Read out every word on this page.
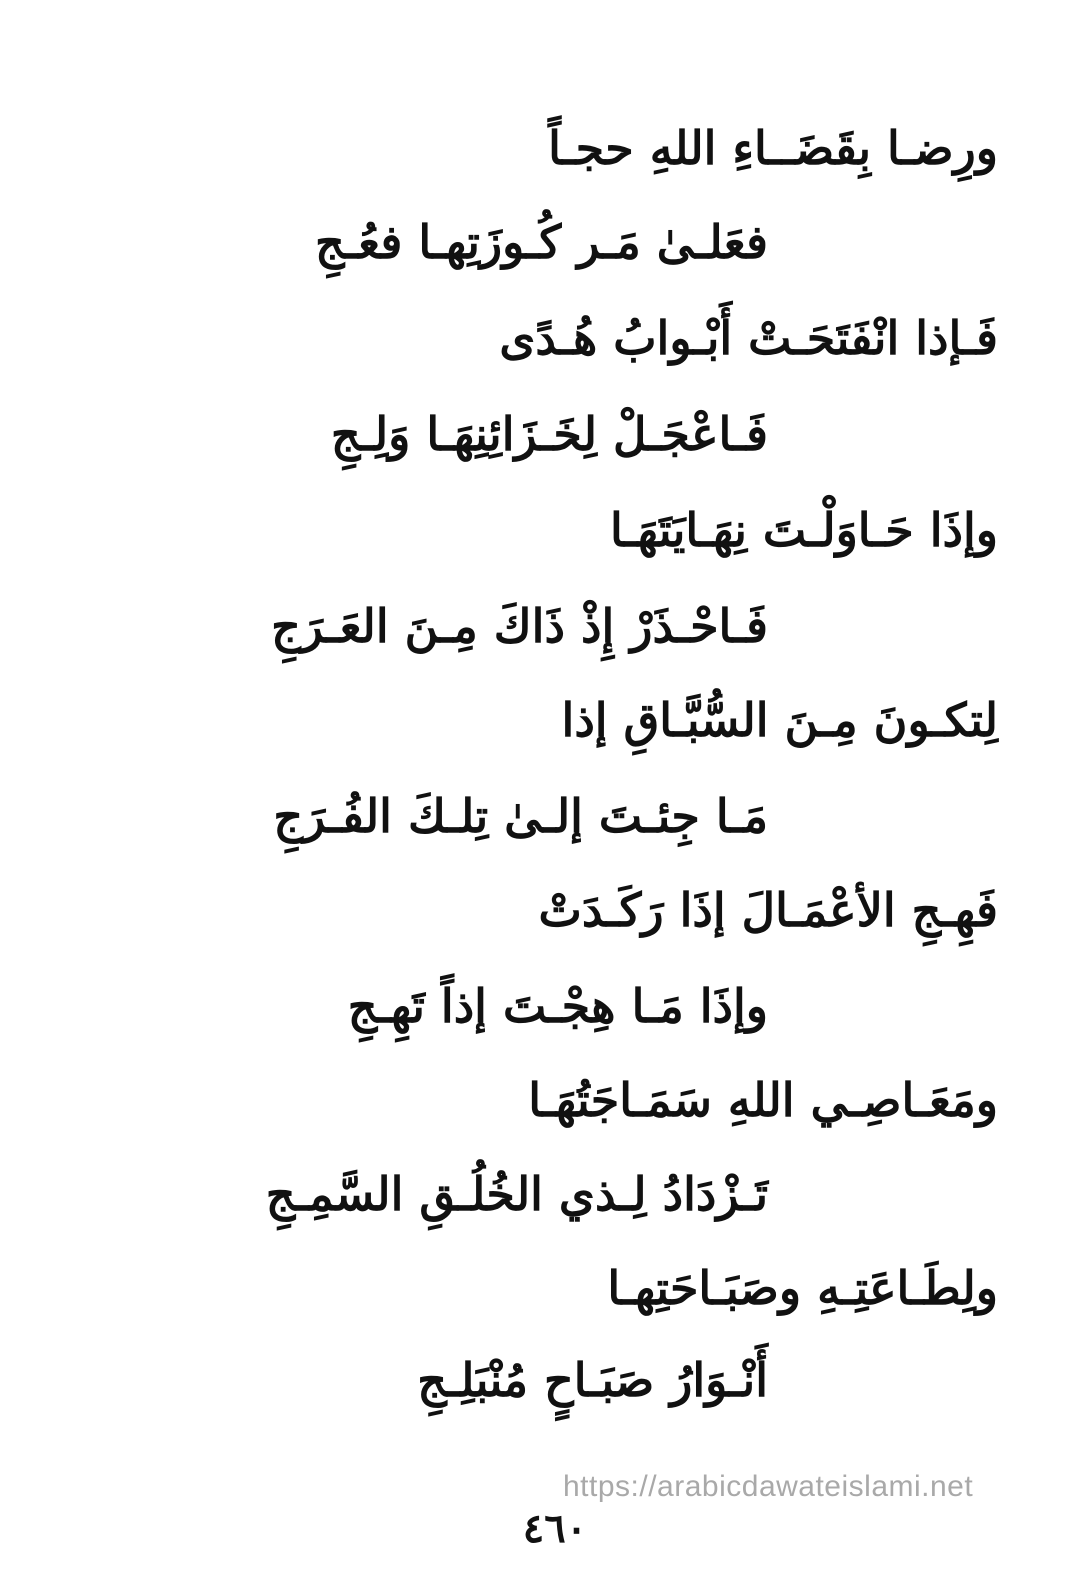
ورِضـا بِقَضَــاءِ اللهِ حجـاً
فعَلـىٰ مَـر كُـوزَتِهـا فعُـجِ
فَـإذا انْفَتَحَـتْ أَبْـوابُ هُـدًى
فَـاعْجَـلْ لِخَـزَائِنِهَـا وَلِـجِ
وإذَا حَـاوَلْـتَ نِهَـايَتَهَـا
فَـاحْـذَرْ إِذْ ذَاكَ مِـنَ العَـرَجِ
لِتكـونَ مِـنَ السُّبَّـاقِ إذا
مَـا جِئـتَ إلـىٰ تِلـكَ الفُـرَجِ
فَهِـجِ الأعْمَـالَ إذَا رَكَـدَتْ
وإذَا مَـا هِجْـتَ إذاً تَهِـجِ
ومَعَـاصِـي اللهِ سَمَـاجَتُهَـا
تَـزْدَادُ لِـذي الخُلُـقِ السَّمِـجِ
ولِطَـاعَتِـهِ وصَبَـاحَتِهـا
أَنْـوَارُ صَبَـاحٍ مُنْبَلِـجِ
https://arabicdawateislami.net
٤٦٠
